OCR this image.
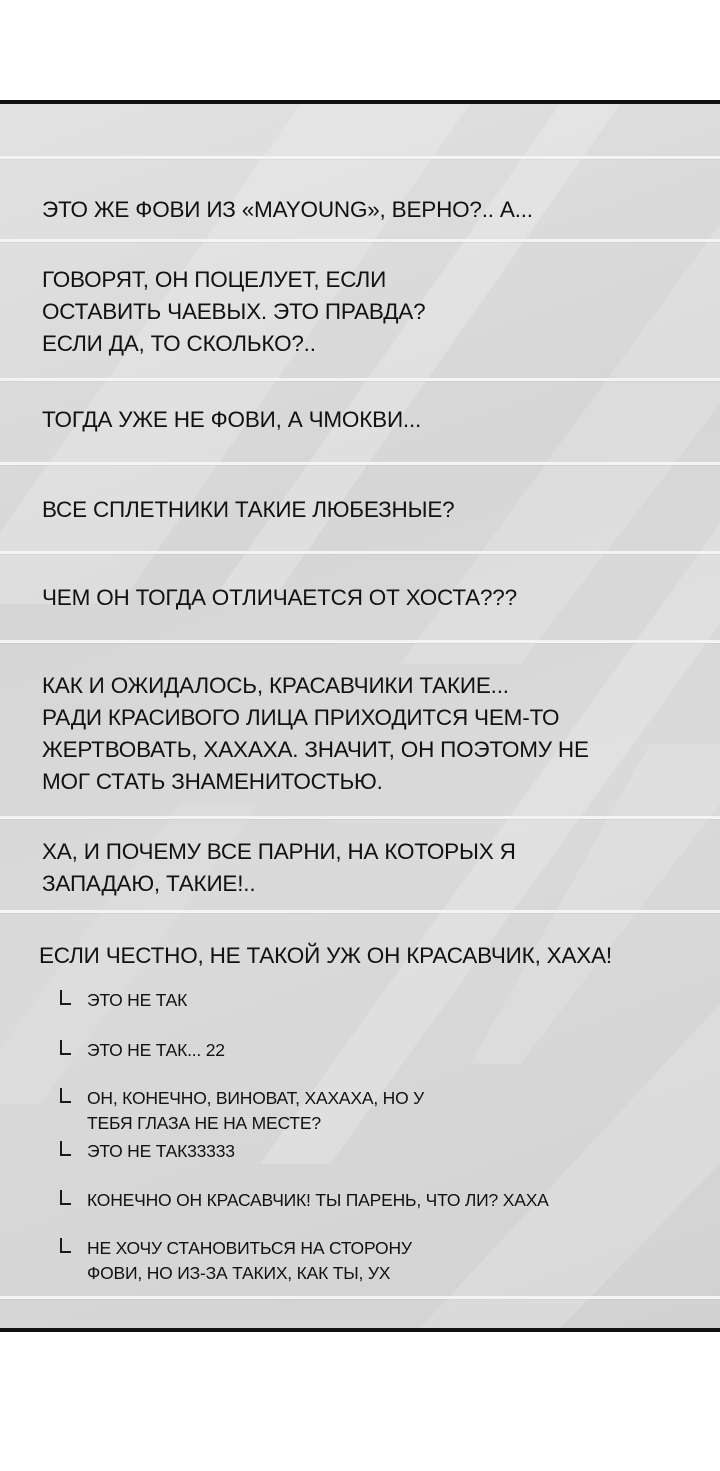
ЭТО ЖЕ ФОВИ ИЗ «MAYOUNG», ВЕРНО?.. А...

ГОВОРЯТ, ОН ПОЦЕЛУЕТ, ЕСЛИ
ОСТАВИТЬ ЧАЕВЫХ. ЭТО ПРАВДА?
ЕСЛИ ДА, ТО СКОЛЬКО?..

ТОГДА УЖЕ НЕ ФОВИ, А ЧМОКВИ...

ВСЕ СПЛЕТНИКИ ТАКИЕ ЛЮБЕЗНЫЕ?

ЧЕМ ОН ТОГДА ОТЛИЧАЕТСЯ ОТ ХОСТА???

КАК И ОЖИДАЛОСЬ, КРАСАВЧИКИ ТАКИЕ...
РАДИ КРАСИВОГО ЛИЦА ПРИХОДИТСЯ ЧЕМ-ТО
ЖЕРТВОВАТЬ, ХАХАХА. ЗНАЧИТ, ОН ПОЭТОМУ НЕ
МОГ СТАТЬ ЗНАМЕНИТОСТЬЮ.

ХА, И ПОЧЕМУ ВСЕ ПАРНИ, НА КОТОРЫХ Я
ЗАПАДАЮ, ТАКИЕ!..

ЕСЛИ ЧЕСТНО, НЕ ТАКОЙ УЖ ОН КРАСАВЧИК, ХАХА!

ЭТО НЕ ТАК
ЭТО НЕ ТАК... 22
ОН, КОНЕЧНО, ВИНОВАТ, ХАХАХА, НО У
ТЕБЯ ГЛАЗА НЕ НА МЕСТЕ?
ЭТО НЕ ТАК33333
КОНЕЧНО ОН КРАСАВЧИК! ТЫ ПАРЕНЬ, ЧТО ЛИ? ХАХА
НЕ ХОЧУ СТАНОВИТЬСЯ НА СТОРОНУ
ФОВИ, НО ИЗ-ЗА ТАКИХ, КАК ТЫ, УХ
